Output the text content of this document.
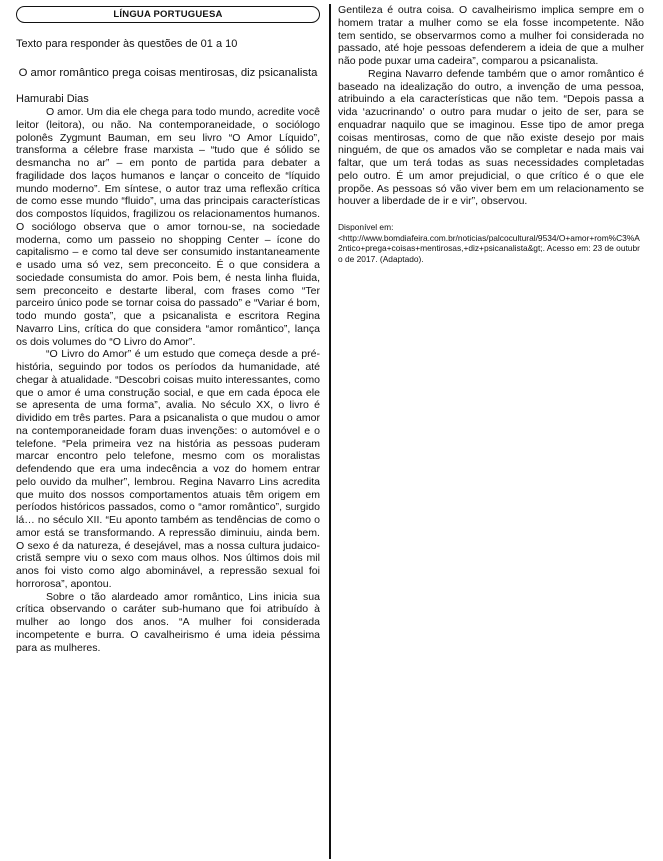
LÍNGUA PORTUGUESA
Texto para responder às questões de 01 a 10
O amor romântico prega coisas mentirosas, diz psicanalista
Hamurabi Dias

O amor. Um dia ele chega para todo mundo, acredite você leitor (leitora), ou não. Na contemporaneidade, o sociólogo polonês Zygmunt Bauman, em seu livro “O Amor Líquido”, transforma a célebre frase marxista – “tudo que é sólido se desmancha no ar” – em ponto de partida para debater a fragilidade dos laços humanos e lançar o conceito de “líquido mundo moderno”. Em síntese, o autor traz uma reflexão crítica de como esse mundo “fluido”, uma das principais características dos compostos líquidos, fragilizou os relacionamentos humanos. O sociólogo observa que o amor tornou-se, na sociedade moderna, como um passeio no shopping Center – ícone do capitalismo – e como tal deve ser consumido instantaneamente e usado uma só vez, sem preconceito. É o que considera a sociedade consumista do amor. Pois bem, é nesta linha fluida, sem preconceito e destarte liberal, com frases como “Ter parceiro único pode se tornar coisa do passado” e “Variar é bom, todo mundo gosta”, que a psicanalista e escritora Regina Navarro Lins, crítica do que considera “amor romântico”, lança os dois volumes do “O Livro do Amor”.

“O Livro do Amor” é um estudo que começa desde a pré-história, seguindo por todos os períodos da humanidade, até chegar à atualidade. “Descobri coisas muito interessantes, como que o amor é uma construção social, e que em cada época ele se apresenta de uma forma”, avalia. No século XX, o livro é dividido em três partes. Para a psicanalista o que mudou o amor na contemporaneidade foram duas invenções: o automóvel e o telefone. “Pela primeira vez na história as pessoas puderam marcar encontro pelo telefone, mesmo com os moralistas defendendo que era uma indecência a voz do homem entrar pelo ouvido da mulher”, lembrou. Regina Navarro Lins acredita que muito dos nossos comportamentos atuais têm origem em períodos históricos passados, como o “amor romântico”, surgido lá… no século XII. “Eu aponto também as tendências de como o amor está se transformando. A repressão diminuiu, ainda bem. O sexo é da natureza, é desejável, mas a nossa cultura judaico-cristã sempre viu o sexo com maus olhos. Nos últimos dois mil anos foi visto como algo abominável, a repressão sexual foi horrorosa”, apontou.

Sobre o tão alardeado amor romântico, Lins inicia sua crítica observando o caráter sub-humano que foi atribuído à mulher ao longo dos anos. “A mulher foi considerada incompetente e burra. O cavalheirismo é uma ideia péssima para as mulheres.

Gentileza é outra coisa. O cavalheirismo implica sempre em o homem tratar a mulher como se ela fosse incompetente. Não tem sentido, se observarmos como a mulher foi considerada no passado, até hoje pessoas defenderem a ideia de que a mulher não pode puxar uma cadeira”, comparou a psicanalista.

Regina Navarro defende também que o amor romântico é baseado na idealização do outro, a invenção de uma pessoa, atribuindo a ela características que não tem. “Depois passa a vida ‘azucrinando’ o outro para mudar o jeito de ser, para se enquadrar naquilo que se imaginou. Esse tipo de amor prega coisas mentirosas, como de que não existe desejo por mais ninguém, de que os amados vão se completar e nada mais vai faltar, que um terá todas as suas necessidades completadas pelo outro. É um amor prejudicial, o que crítico é o que ele propõe. As pessoas só vão viver bem em um relacionamento se houver a liberdade de ir e vir”, observou.

Disponível em:
<http://www.bomdiafeira.com.br/noticias/palcocultural/9534/O+amor+rom%C3%A2ntico+prega+coisas+mentirosas,+diz+psicanalista&gt;. Acesso em: 23 de outubro de 2017. (Adaptado).
